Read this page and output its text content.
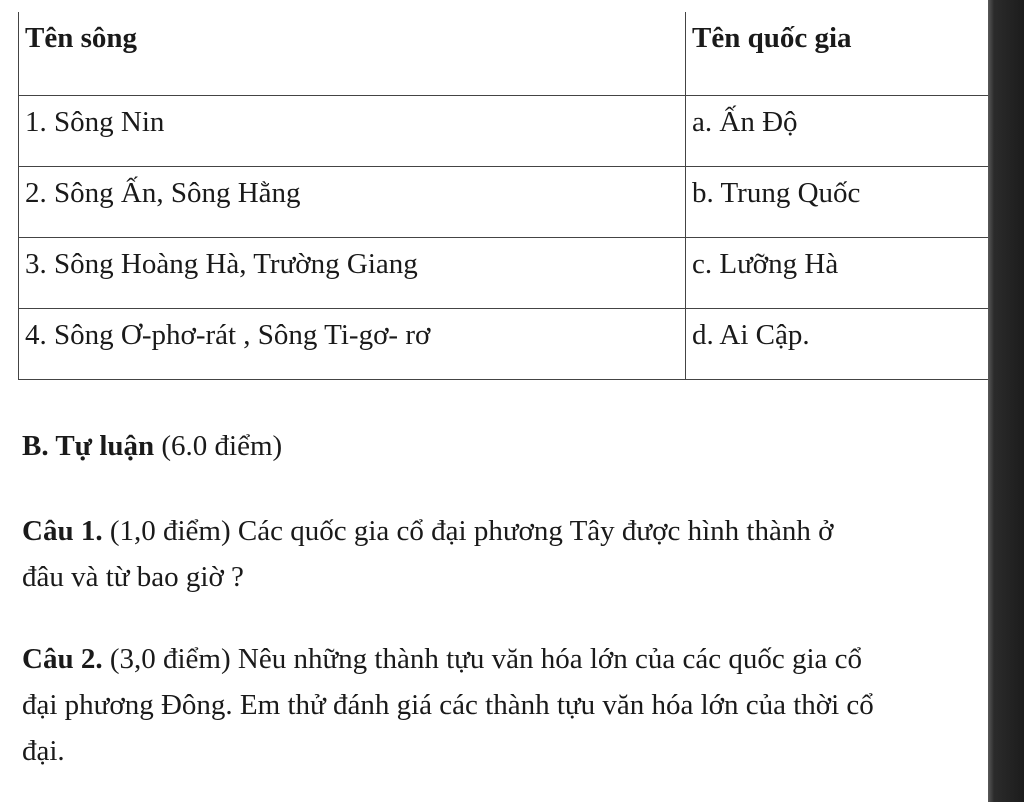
Tên sông	Tên quốc gia
1. Sông Nin	a. Ấn Độ
2. Sông Ấn, Sông Hằng	b. Trung Quốc
3. Sông Hoàng Hà, Trường Giang	c. Lưỡng Hà
4. Sông Ơ-phơ-rát , Sông Ti-gơ- rơ	d. Ai Cập.

B. Tự luận (6.0 điểm)

Câu 1. (1,0 điểm) Các quốc gia cổ đại phương Tây được hình thành ở đâu và từ bao giờ ?

Câu 2. (3,0 điểm) Nêu những thành tựu văn hóa lớn của các quốc gia cổ đại phương Đông. Em thử đánh giá các thành tựu văn hóa lớn của thời cổ đại.
